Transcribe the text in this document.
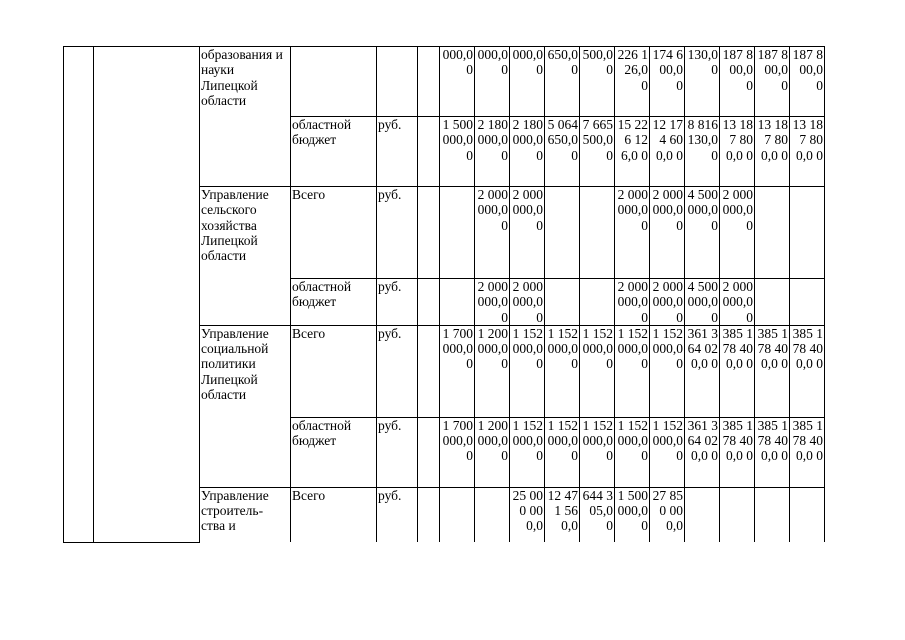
		образования и науки Липецкой области				000,0 0	000,0 0	000,0 0	650,0 0	500,0 0	226 126,0 0	174 600,0 0	130,0 0	187 800,0 0	187 800,0 0	187 800,0 0
			областной бюджет	руб.		1 500 000,0 0	2 180 000,0 0	2 180 000,0 0	5 064 650,0 0	7 665 500,0 0	15 226 126,0 0	12 174 600,0 0	8 816 130,0 0	13 187 800,0 0	13 187 800,0 0	13 187 800,0 0
		Управление сельского хозяйства Липецкой области	Всего	руб.			2 000 000,0 0	2 000 000,0 0			2 000 000,0 0	2 000 000,0 0	4 500 000,0 0	2 000 000,0 0		
			областной бюджет	руб.			2 000 000,0 0	2 000 000,0 0			2 000 000,0 0	2 000 000,0 0	4 500 000,0 0	2 000 000,0 0		
		Управление социальной политики Липецкой области	Всего	руб.		1 700 000,0 0	1 200 000,0 0	1 152 000,0 0	1 152 000,0 0	1 152 000,0 0	1 152 000,0 0	1 152 000,0 0	361 364 020,0 0	385 178 400,0 0	385 178 400,0 0	385 178 400,0 0
			областной бюджет	руб.		1 700 000,0 0	1 200 000,0 0	1 152 000,0 0	1 152 000,0 0	1 152 000,0 0	1 152 000,0 0	1 152 000,0 0	361 364 020,0 0	385 178 400,0 0	385 178 400,0 0	385 178 400,0 0
		Управление строитель- ства и	Всего	руб.				25 000 000,0	12 471 560,0	644 305,0 0	1 500 000,0 0	27 850 000,0				
